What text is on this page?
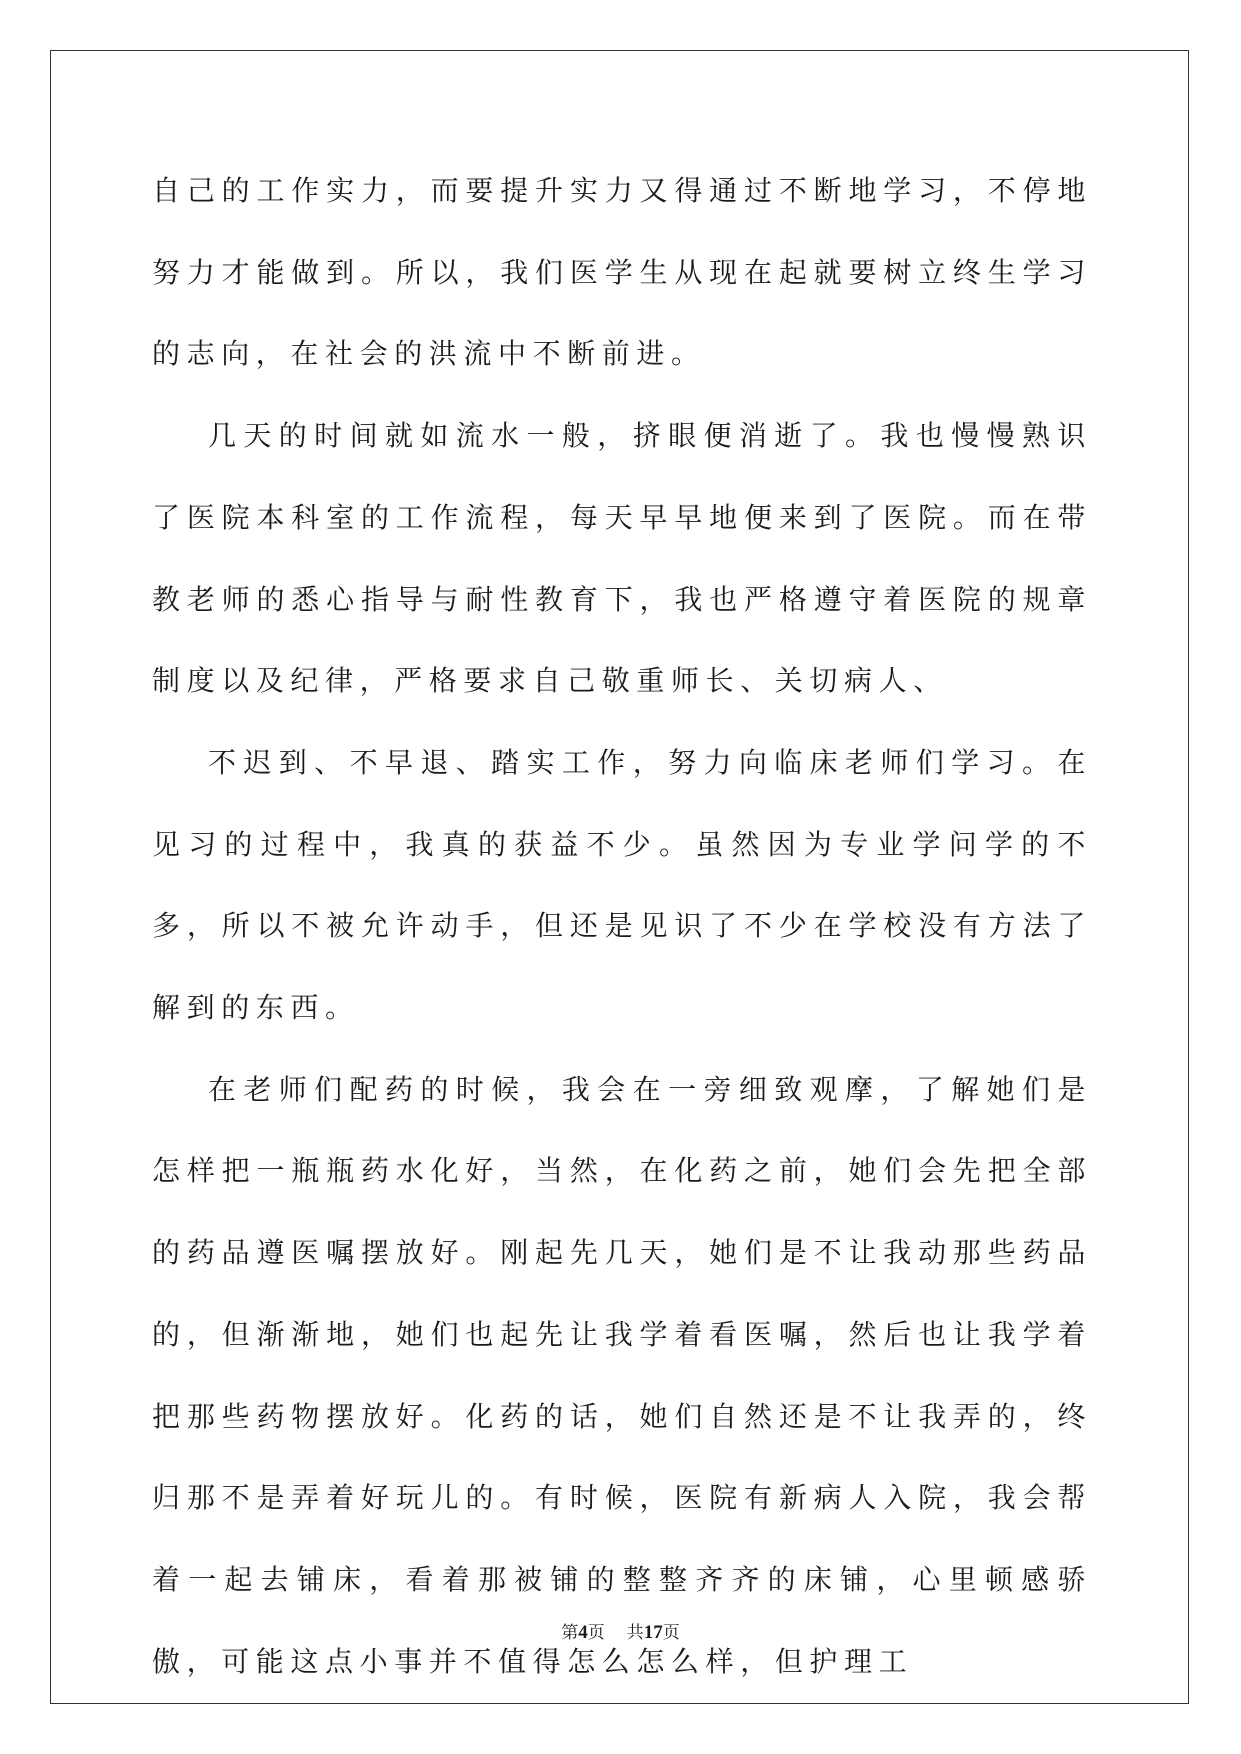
自己的工作实力，而要提升实力又得通过不断地学习，不停地努力才能做到。所以，我们医学生从现在起就要树立终生学习的志向，在社会的洪流中不断前进。

几天的时间就如流水一般，挤眼便消逝了。我也慢慢熟识了医院本科室的工作流程，每天早早地便来到了医院。而在带教老师的悉心指导与耐性教育下，我也严格遵守着医院的规章制度以及纪律，严格要求自己敬重师长、关切病人、

不迟到、不早退、踏实工作，努力向临床老师们学习。在见习的过程中，我真的获益不少。虽然因为专业学问学的不多，所以不被允许动手，但还是见识了不少在学校没有方法了解到的东西。

在老师们配药的时候，我会在一旁细致观摩，了解她们是怎样把一瓶瓶药水化好，当然，在化药之前，她们会先把全部的药品遵医嘱摆放好。刚起先几天，她们是不让我动那些药品的，但渐渐地，她们也起先让我学着看医嘱，然后也让我学着把那些药物摆放好。化药的话，她们自然还是不让我弄的，终归那不是弄着好玩儿的。有时候，医院有新病人入院，我会帮着一起去铺床，看着那被铺的整整齐齐的床铺，心里顿感骄傲，可能这点小事并不值得怎么怎么样，但护理工

第4页 共17页
